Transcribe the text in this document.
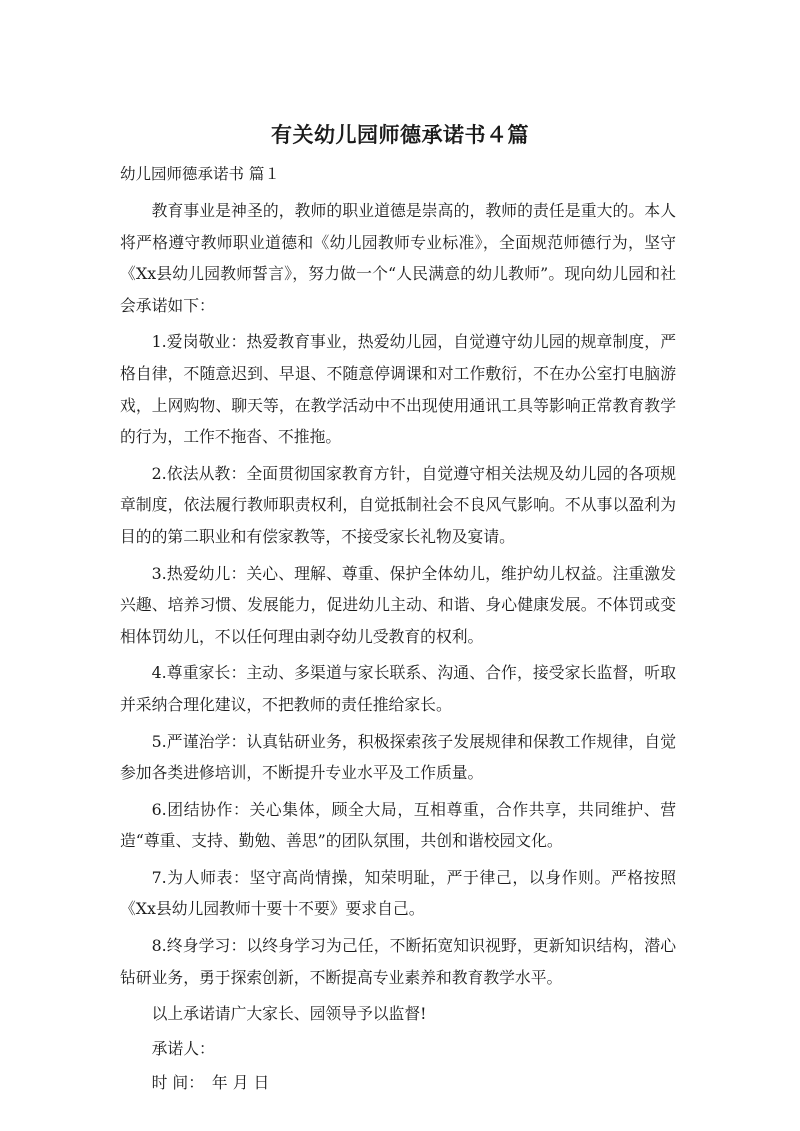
有关幼儿园师德承诺书４篇
幼儿园师德承诺书 篇１

教育事业是神圣的，教师的职业道德是崇高的，教师的责任是重大的。本人将严格遵守教师职业道德和《幼儿园教师专业标准》，全面规范师德行为，坚守《Xx县幼儿园教师誓言》，努力做一个“人民满意的幼儿教师”。现向幼儿园和社会承诺如下：

1.爱岗敬业：热爱教育事业，热爱幼儿园，自觉遵守幼儿园的规章制度，严格自律，不随意迟到、早退、不随意停调课和对工作敷衍，不在办公室打电脑游戏，上网购物、聊天等，在教学活动中不出现使用通讯工具等影响正常教育教学的行为，工作不拖沓、不推拖。

2.依法从教：全面贯彻国家教育方针，自觉遵守相关法规及幼儿园的各项规章制度，依法履行教师职责权利，自觉抵制社会不良风气影响。不从事以盈利为目的的第二职业和有偿家教等，不接受家长礼物及宴请。

3.热爱幼儿：关心、理解、尊重、保护全体幼儿，维护幼儿权益。注重激发兴趣、培养习惯、发展能力，促进幼儿主动、和谐、身心健康发展。不体罚或变相体罚幼儿，不以任何理由剥夺幼儿受教育的权利。

4.尊重家长：主动、多渠道与家长联系、沟通、合作，接受家长监督，听取并采纳合理化建议，不把教师的责任推给家长。

5.严谨治学：认真钻研业务，积极探索孩子发展规律和保教工作规律，自觉参加各类进修培训，不断提升专业水平及工作质量。

6.团结协作：关心集体，顾全大局，互相尊重，合作共享，共同维护、营造“尊重、支持、勤勉、善思”的团队氛围，共创和谐校园文化。

7.为人师表：坚守高尚情操，知荣明耻，严于律己，以身作则。严格按照《Xx县幼儿园教师十要十不要》要求自己。

8.终身学习：以终身学习为己任，不断拓宽知识视野，更新知识结构，潜心钻研业务，勇于探索创新，不断提高专业素养和教育教学水平。

以上承诺请广大家长、园领导予以监督!

承诺人：

时 间：　年 月 日
